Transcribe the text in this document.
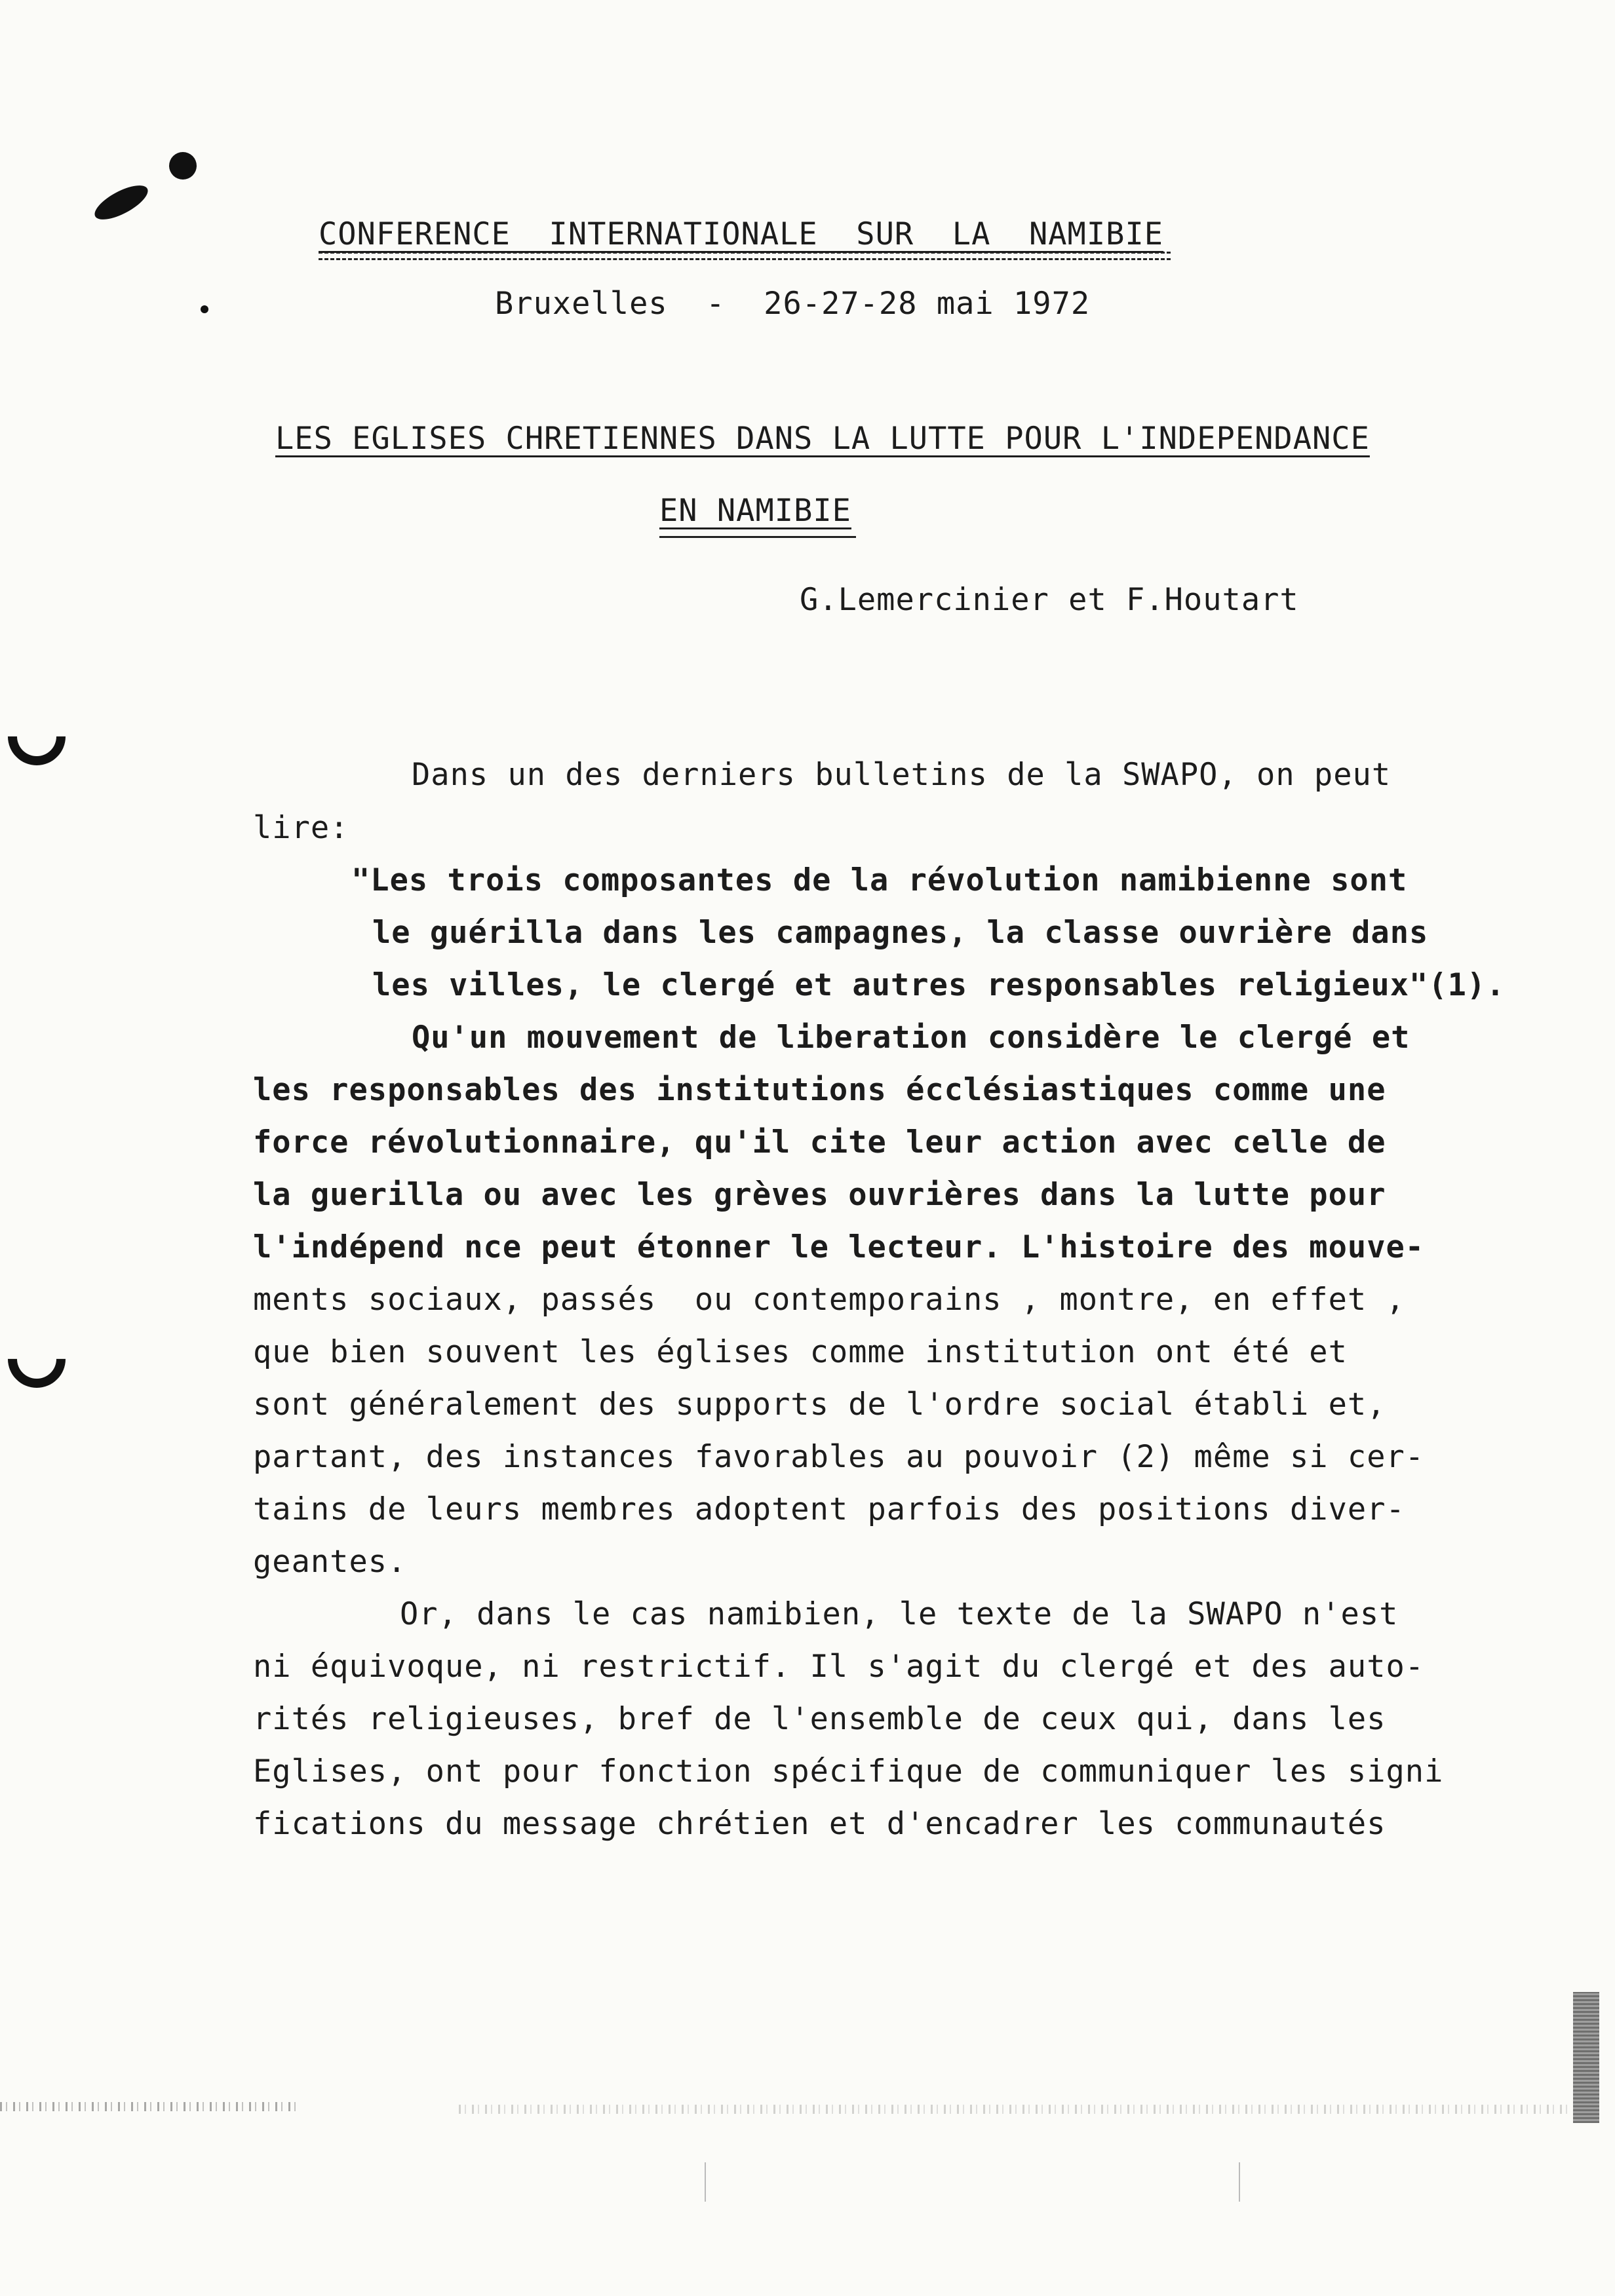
CONFERENCE  INTERNATIONALE  SUR  LA  NAMIBIE
Bruxelles  -  26-27-28 mai 1972
LES EGLISES CHRETIENNES DANS LA LUTTE POUR L'INDEPENDANCE
EN NAMIBIE
G.Lemercinier et F.Houtart
Dans un des derniers bulletins de la SWAPO, on peut
lire:
"Les trois composantes de la révolution namibienne sont
le guérilla dans les campagnes, la classe ouvrière dans
les villes, le clergé et autres responsables religieux"(1).
Qu'un mouvement de liberation considère le clergé et
les responsables des institutions écclésiastiques comme une
force révolutionnaire, qu'il cite leur action avec celle de
la guerilla ou avec les grèves ouvrières dans la lutte pour
l'indépend nce peut étonner le lecteur. L'histoire des mouve-
ments sociaux, passés  ou contemporains , montre, en effet ,
que bien souvent les églises comme institution ont été et
sont généralement des supports de l'ordre social établi et,
partant, des instances favorables au pouvoir (2) même si cer-
tains de leurs membres adoptent parfois des positions diver-
geantes.
Or, dans le cas namibien, le texte de la SWAPO n'est
ni équivoque, ni restrictif. Il s'agit du clergé et des auto-
rités religieuses, bref de l'ensemble de ceux qui, dans les
Eglises, ont pour fonction spécifique de communiquer les signi
fications du message chrétien et d'encadrer les communautés
